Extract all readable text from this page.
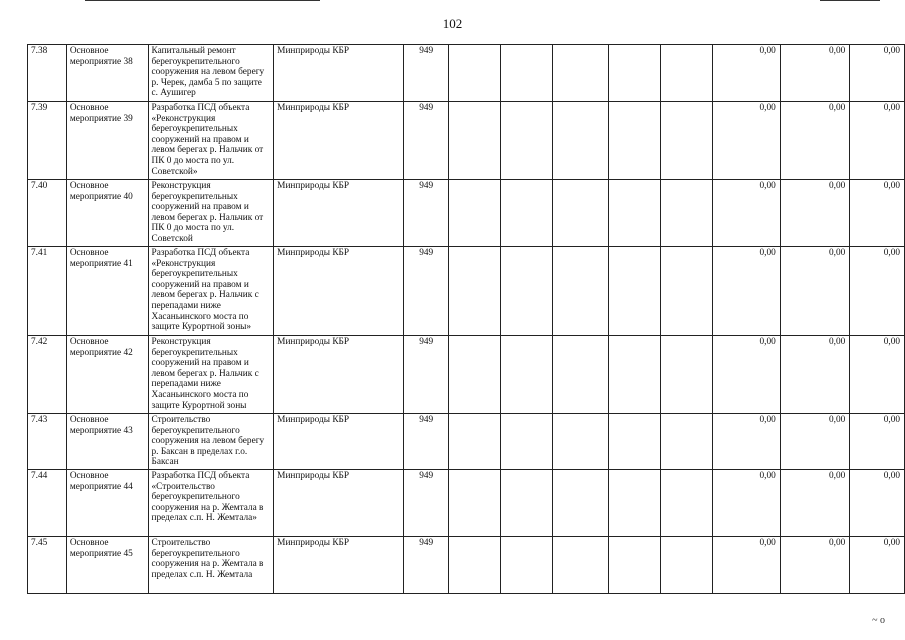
102
7.38	Основное мероприятие 38	Капитальный ремонт берегоукрепительного сооружения на левом берегу р. Черек, дамба 5 по защите с. Аушигер	Минприроды КБР	949						0,00	0,00	0,00
7.39	Основное мероприятие 39	Разработка ПСД объекта «Реконструкция берегоукрепительных сооружений на правом и левом берегах р. Нальчик от ПК 0 до моста по ул. Советской»	Минприроды КБР	949						0,00	0,00	0,00
7.40	Основное мероприятие 40	Реконструкция берегоукрепительных сооружений на правом и левом берегах р. Нальчик от ПК 0 до моста по ул. Советской	Минприроды КБР	949						0,00	0,00	0,00
7.41	Основное мероприятие 41	Разработка ПСД объекта «Реконструкция берегоукрепительных сооружений на правом и левом берегах р. Нальчик с перепадами ниже Хасаньинского моста по защите Курортной зоны»	Минприроды КБР	949						0,00	0,00	0,00
7.42	Основное мероприятие 42	Реконструкция берегоукрепительных сооружений на правом и левом берегах р. Нальчик с перепадами ниже Хасаньинского моста по защите Курортной зоны	Минприроды КБР	949						0,00	0,00	0,00
7.43	Основное мероприятие 43	Строительство берегоукрепительного сооружения на левом берегу р. Баксан в пределах г.о. Баксан	Минприроды КБР	949						0,00	0,00	0,00
7.44	Основное мероприятие 44	Разработка ПСД объекта «Строительство берегоукрепительного сооружения на р. Жемтала в пределах с.п. Н. Жемтала»	Минприроды КБР	949						0,00	0,00	0,00
7.45	Основное мероприятие 45	Строительство берегоукрепительного сооружения на р. Жемтала в пределах с.п. Н. Жемтала	Минприроды КБР	949						0,00	0,00	0,00
~ o
